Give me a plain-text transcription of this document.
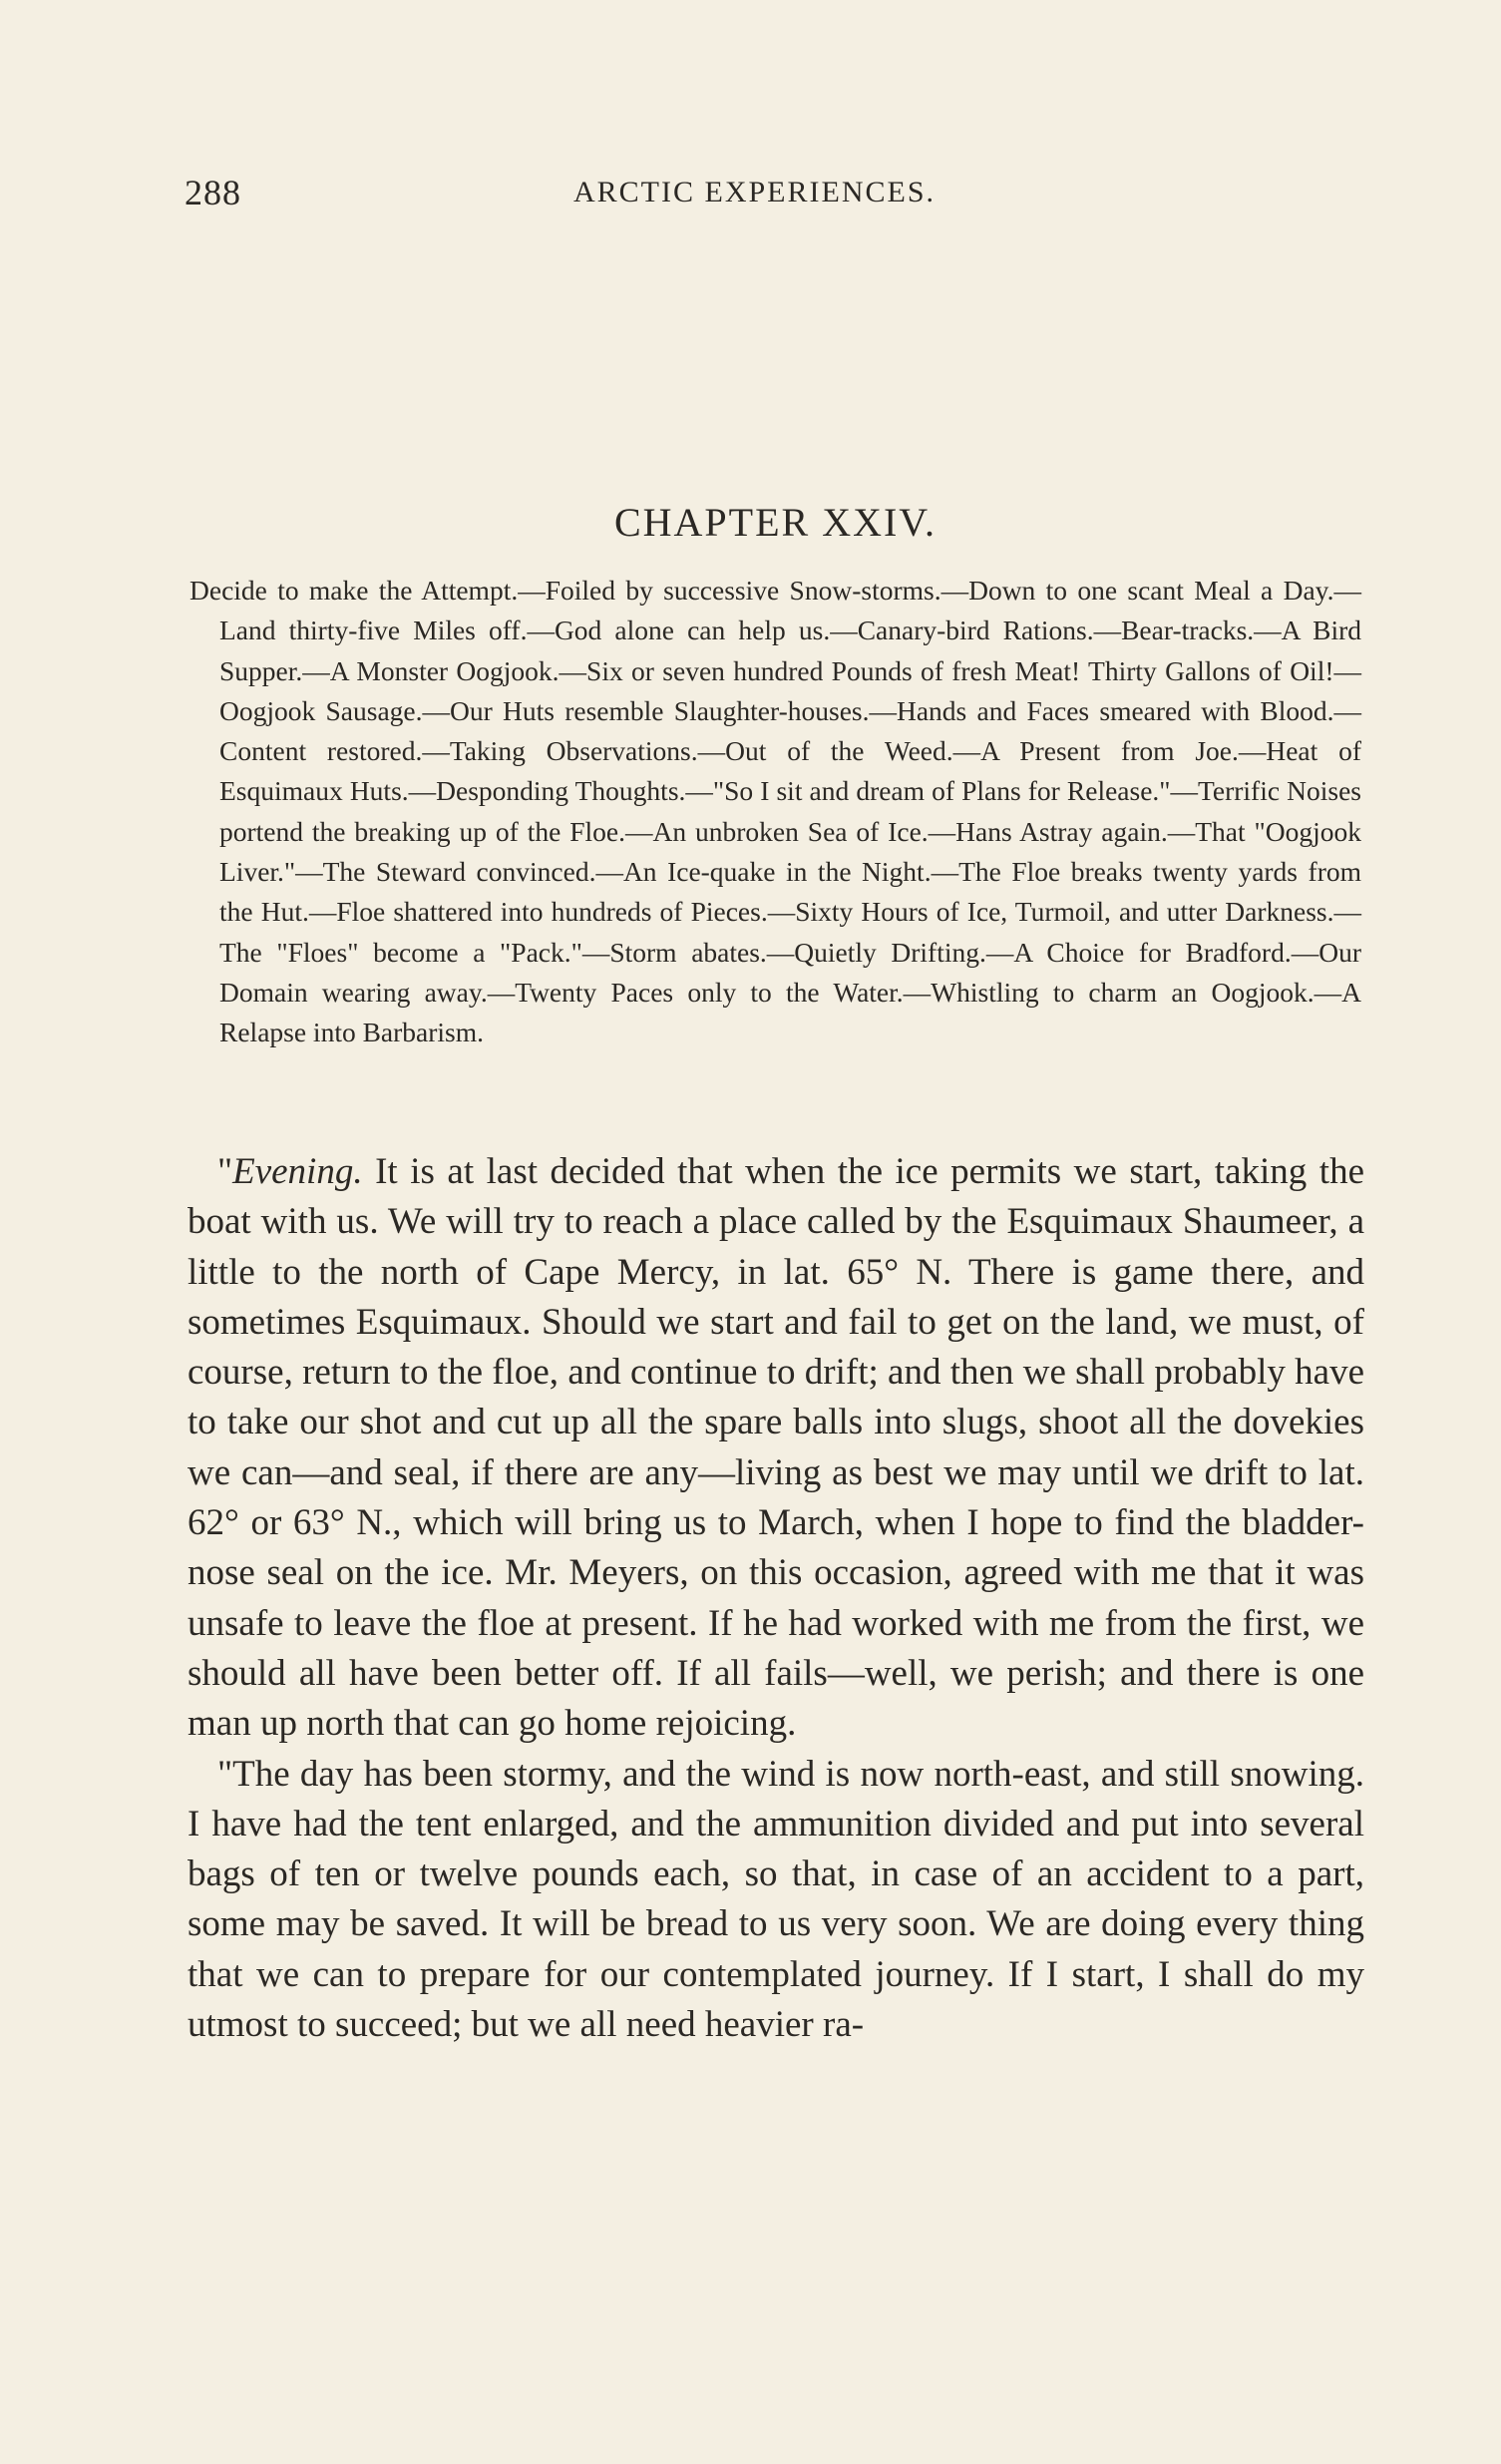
288	ARCTIC EXPERIENCES.
CHAPTER XXIV.

Decide to make the Attempt.—Foiled by successive Snow-storms.—Down to one scant Meal a Day.—Land thirty-five Miles off.—God alone can help us.—Canary-bird Rations.—Bear-tracks.—A Bird Supper.—A Monster Oogjook.—Six or seven hundred Pounds of fresh Meat! Thirty Gallons of Oil!—Oogjook Sausage.—Our Huts resemble Slaughter-houses.—Hands and Faces smeared with Blood.—Content restored.—Taking Observations.—Out of the Weed.—A Present from Joe.—Heat of Esquimaux Huts.—Desponding Thoughts.—"So I sit and dream of Plans for Release."—Terrific Noises portend the breaking up of the Floe.—An unbroken Sea of Ice.—Hans Astray again.—That "Oogjook Liver."—The Steward convinced.—An Ice-quake in the Night.—The Floe breaks twenty yards from the Hut.—Floe shattered into hundreds of Pieces.—Sixty Hours of Ice, Turmoil, and utter Darkness.—The "Floes" become a "Pack."—Storm abates.—Quietly Drifting.—A Choice for Bradford.—Our Domain wearing away.—Twenty Paces only to the Water.—Whistling to charm an Oogjook.—A Relapse into Barbarism.

"Evening. It is at last decided that when the ice permits we start, taking the boat with us. We will try to reach a place called by the Esquimaux Shaumeer, a little to the north of Cape Mercy, in lat. 65° N. There is game there, and sometimes Esquimaux. Should we start and fail to get on the land, we must, of course, return to the floe, and continue to drift; and then we shall probably have to take our shot and cut up all the spare balls into slugs, shoot all the dovekies we can—and seal, if there are any—living as best we may until we drift to lat. 62° or 63° N., which will bring us to March, when I hope to find the bladder-nose seal on the ice. Mr. Meyers, on this occasion, agreed with me that it was unsafe to leave the floe at present. If he had worked with me from the first, we should all have been better off. If all fails—well, we perish; and there is one man up north that can go home rejoicing.

"The day has been stormy, and the wind is now north-east, and still snowing. I have had the tent enlarged, and the ammunition divided and put into several bags of ten or twelve pounds each, so that, in case of an accident to a part, some may be saved. It will be bread to us very soon. We are doing every thing that we can to prepare for our contemplated journey. If I start, I shall do my utmost to succeed; but we all need heavier ra-
